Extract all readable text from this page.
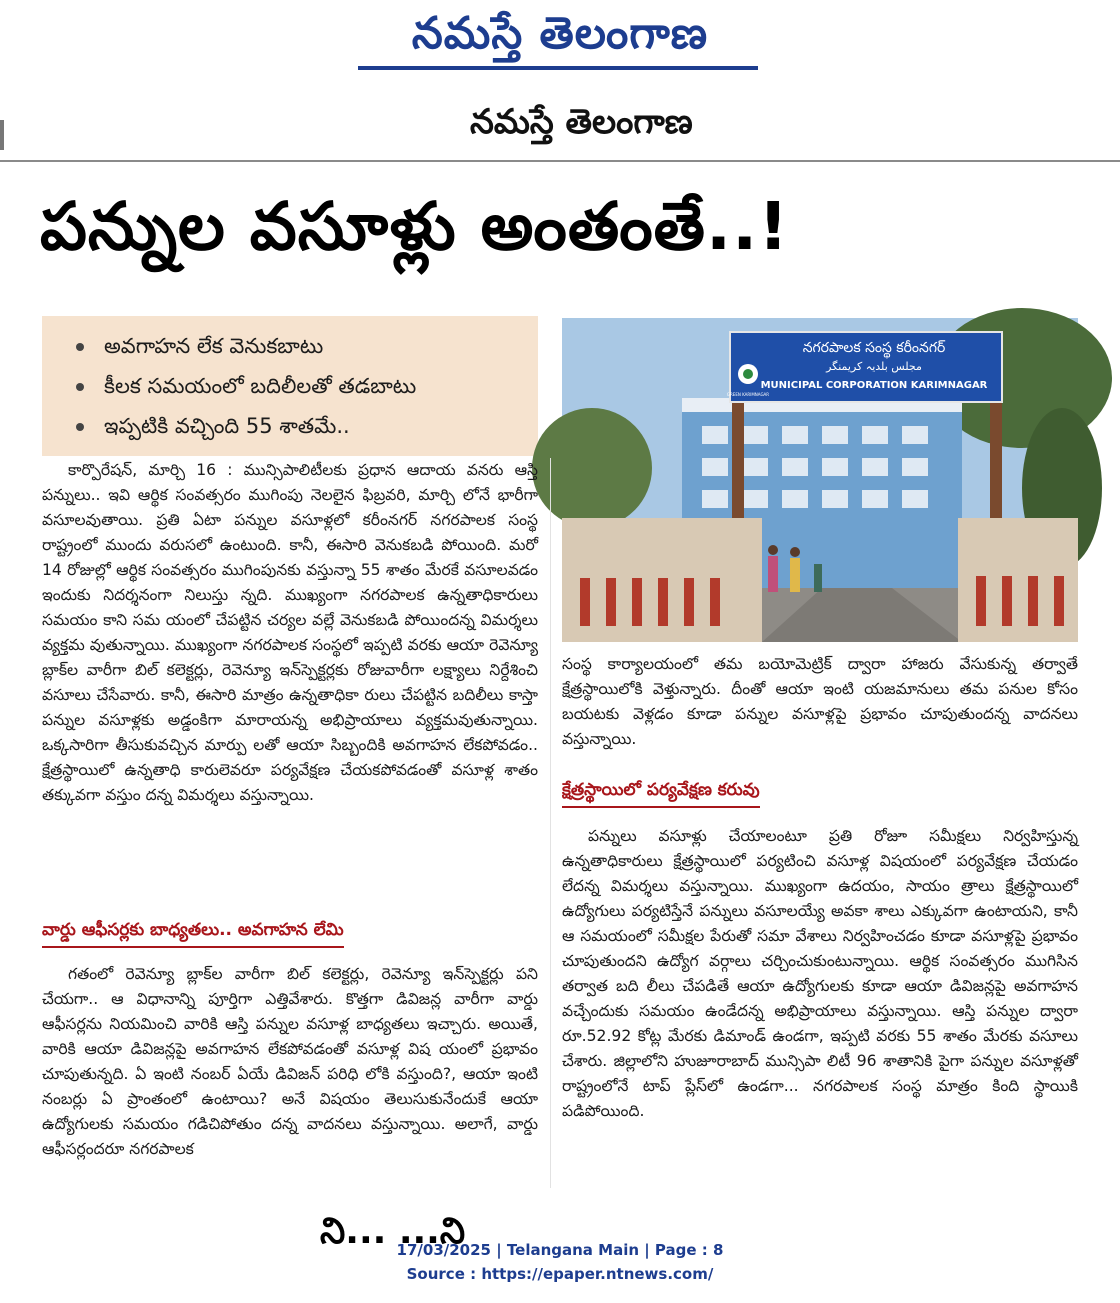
నమస్తే తెలంగాణ
నమస్తే తెలంగాణ
పన్నుల వసూళ్లు అంతంతే..!
అవగాహన లేక వెనుకబాటు
కీలక సమయంలో బదిలీలతో తడబాటు
ఇప్పటికి వచ్చింది 55 శాతమే..
నగరపాలక సంస్థ కరీంనగర్
مجلس بلدیہ کریمنگر
MUNICIPAL CORPORATION KARIMNAGAR
GREEN KARIMNAGAR

కార్పొరేషన్, మార్చి 16 : మున్సిపాలిటీలకు ప్రధాన ఆదాయ వనరు ఆస్తి పన్నులు.. ఇవి ఆర్థిక సంవత్సరం ముగింపు నెలలైన ఫిబ్రవరి, మార్చి లోనే భారీగా వసూలవుతాయి. ప్రతి ఏటా పన్నుల వసూళ్లలో కరీంనగర్ నగరపాలక సంస్థ రాష్ట్రంలో ముందు వరుసలో ఉంటుంది. కానీ, ఈసారి వెనుకబడి పోయింది. మరో 14 రోజుల్లో ఆర్థిక సంవత్సరం ముగింపునకు వస్తున్నా 55 శాతం మేరకే వసూలవడం ఇందుకు నిదర్శనంగా నిలుస్తు న్నది. ముఖ్యంగా నగరపాలక ఉన్నతాధికారులు సమయం కాని సమ యంలో చేపట్టిన చర్యల వల్లే వెనుకబడి పోయిందన్న విమర్శలు వ్యక్తమ వుతున్నాయి. ముఖ్యంగా నగరపాలక సంస్థలో ఇప్పటి వరకు ఆయా రెవెన్యూ బ్లాక్‌ల వారీగా బిల్ కలెక్టర్లు, రెవెన్యూ ఇన్‌స్పెక్టర్లకు రోజువారీగా లక్ష్యాలు నిర్దేశించి వసూలు చేసేవారు. కానీ, ఈసారి మాత్రం ఉన్నతాధికా రులు చేపట్టిన బదిలీలు కాస్తా పన్నుల వసూళ్లకు అడ్డంకిగా మారాయన్న అభిప్రాయాలు వ్యక్తమవుతున్నాయి. ఒక్కసారిగా తీసుకువచ్చిన మార్పు లతో ఆయా సిబ్బందికి అవగాహన లేకపోవడం.. క్షేత్రస్థాయిలో ఉన్నతాధి కారులెవరూ పర్యవేక్షణ చేయకపోవడంతో వసూళ్ల శాతం తక్కువగా వస్తుం దన్న విమర్శలు వస్తున్నాయి.

వార్డు ఆఫీసర్లకు బాధ్యతలు.. అవగాహన లేమి

గతంలో రెవెన్యూ బ్లాక్‌ల వారీగా బిల్ కలెక్టర్లు, రెవెన్యూ ఇన్‌స్పెక్టర్లు పని చేయగా.. ఆ విధానాన్ని పూర్తిగా ఎత్తివేశారు. కొత్తగా డివిజన్ల వారీగా వార్డు ఆఫీసర్లను నియమించి వారికి ఆస్తి పన్నుల వసూళ్ల బాధ్యతలు ఇచ్చారు. అయితే, వారికి ఆయా డివిజన్లపై అవగాహన లేకపోవడంతో వసూళ్ల విష యంలో ప్రభావం చూపుతున్నది. ఏ ఇంటి నంబర్ ఏయే డివిజన్ పరిధి లోకి వస్తుంది?, ఆయా ఇంటి నంబర్లు ఏ ప్రాంతంలో ఉంటాయి? అనే విషయం తెలుసుకునేందుకే ఆయా ఉద్యోగులకు సమయం గడిచిపోతుం దన్న వాదనలు వస్తున్నాయి. అలాగే, వార్డు ఆఫీసర్లందరూ నగరపాలక

సంస్థ కార్యాలయంలో తమ బయోమెట్రిక్ ద్వారా హాజరు వేసుకున్న తర్వాతే క్షేత్రస్థాయిలోకి వెళ్తున్నారు. దీంతో ఆయా ఇంటి యజమానులు తమ పనుల కోసం బయటకు వెళ్లడం కూడా పన్నుల వసూళ్లపై ప్రభావం చూపుతుందన్న వాదనలు వస్తున్నాయి.

క్షేత్రస్థాయిలో పర్యవేక్షణ కరువు

పన్నులు వసూళ్లు చేయాలంటూ ప్రతి రోజూ సమీక్షలు నిర్వహిస్తున్న ఉన్నతాధికారులు క్షేత్రస్థాయిలో పర్యటించి వసూళ్ల విషయంలో పర్యవేక్షణ చేయడం లేదన్న విమర్శలు వస్తున్నాయి. ముఖ్యంగా ఉదయం, సాయం త్రాలు క్షేత్రస్థాయిలో ఉద్యోగులు పర్యటిస్తేనే పన్నులు వసూలయ్యే అవకా శాలు ఎక్కువగా ఉంటాయని, కానీ ఆ సమయంలో సమీక్షల పేరుతో సమా వేశాలు నిర్వహించడం కూడా వసూళ్లపై ప్రభావం చూపుతుందని ఉద్యోగ వర్గాలు చర్చించుకుంటున్నాయి. ఆర్థిక సంవత్సరం ముగిసిన తర్వాత బది లీలు చేపడితే ఆయా ఉద్యోగులకు కూడా ఆయా డివిజన్లపై అవగాహన వచ్చేందుకు సమయం ఉండేదన్న అభిప్రాయాలు వస్తున్నాయి. ఆస్తి పన్నుల ద్వారా రూ.52.92 కోట్ల మేరకు డిమాండ్ ఉండగా, ఇప్పటి వరకు 55 శాతం మేరకు వసూలు చేశారు. జిల్లాలోని హుజూరాబాద్ మున్సిపా లిటీ 96 శాతానికి పైగా పన్నుల వసూళ్లతో రాష్ట్రంలోనే టాప్ ప్లేస్‌లో ఉండగా... నగరపాలక సంస్థ మాత్రం కింది స్థాయికి పడిపోయింది.

ని... ...ని
17/03/2025 | Telangana Main | Page : 8
Source : https://epaper.ntnews.com/
